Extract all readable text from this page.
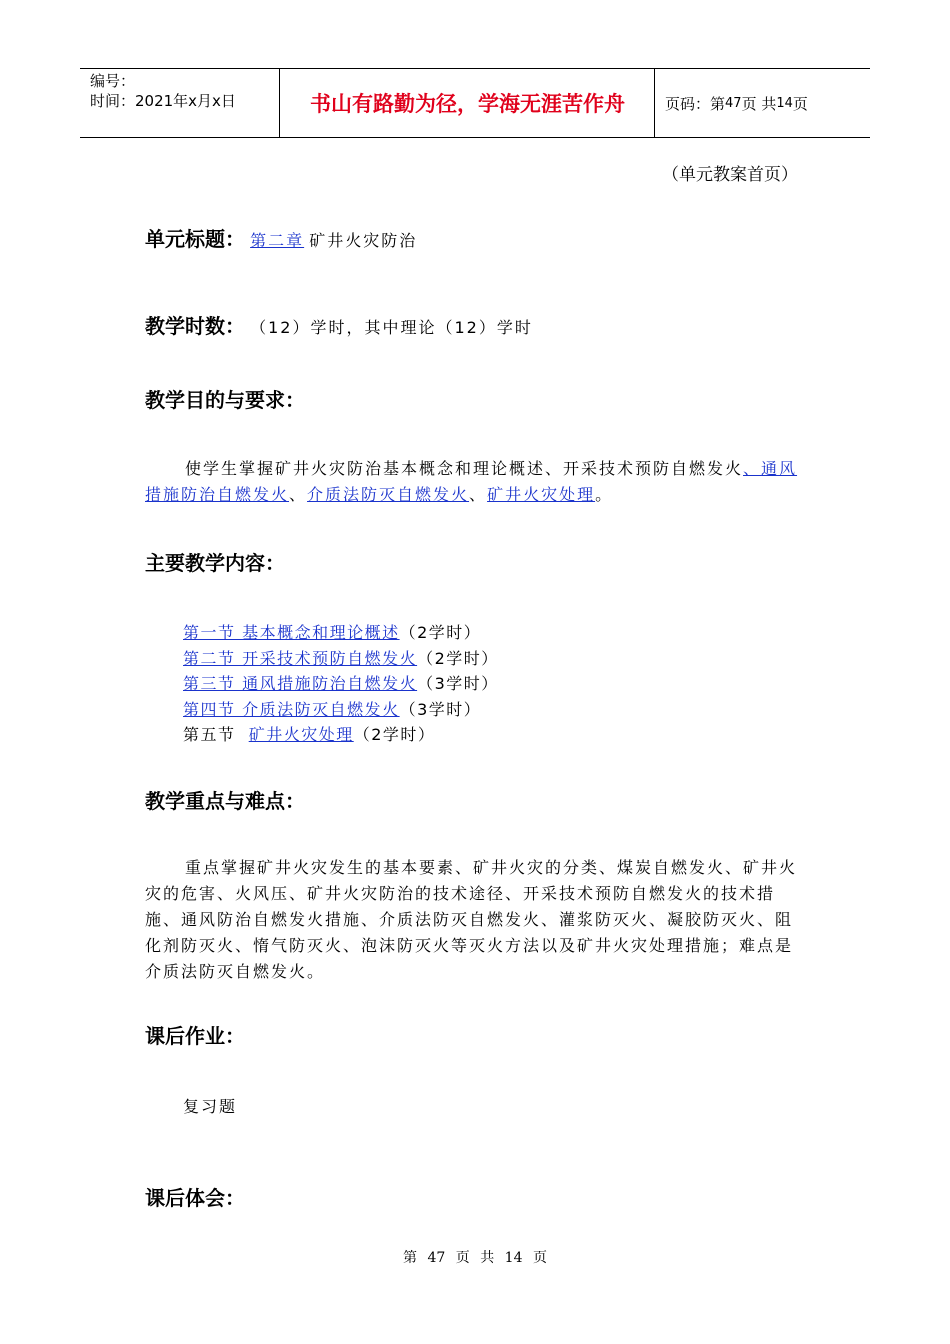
编号：
时间：2021年x月x日	书山有路勤为径，学海无涯苦作舟	页码：第 47 页 共 14 页
（单元教案首页）
单元标题： 第二章 矿井火灾防治
教学时数： （12）学时，其中理论（12）学时
教学目的与要求：
使学生掌握矿井火灾防治基本概念和理论概述、开采技术预防自燃发火、通风措施防治自燃发火、介质法防灭自燃发火、矿井火灾处理。
主要教学内容：
第一节 基本概念和理论概述（2学时）
第二节 开采技术预防自燃发火（2学时）
第三节 通风措施防治自燃发火（3学时）
第四节 介质法防灭自燃发火（3学时）
第五节 矿井火灾处理（2学时）
教学重点与难点：
重点掌握矿井火灾发生的基本要素、矿井火灾的分类、煤炭自燃发火、矿井火灾的危害、火风压、矿井火灾防治的技术途径、开采技术预防自燃发火的技术措施、通风防治自燃发火措施、介质法防灭自燃发火、灌浆防灭火、凝胶防灭火、阻化剂防灭火、惰气防灭火、泡沫防灭火等灭火方法以及矿井火灾处理措施；难点是介质法防灭自燃发火。
课后作业：
复习题
课后体会：
第 47 页 共 14 页
